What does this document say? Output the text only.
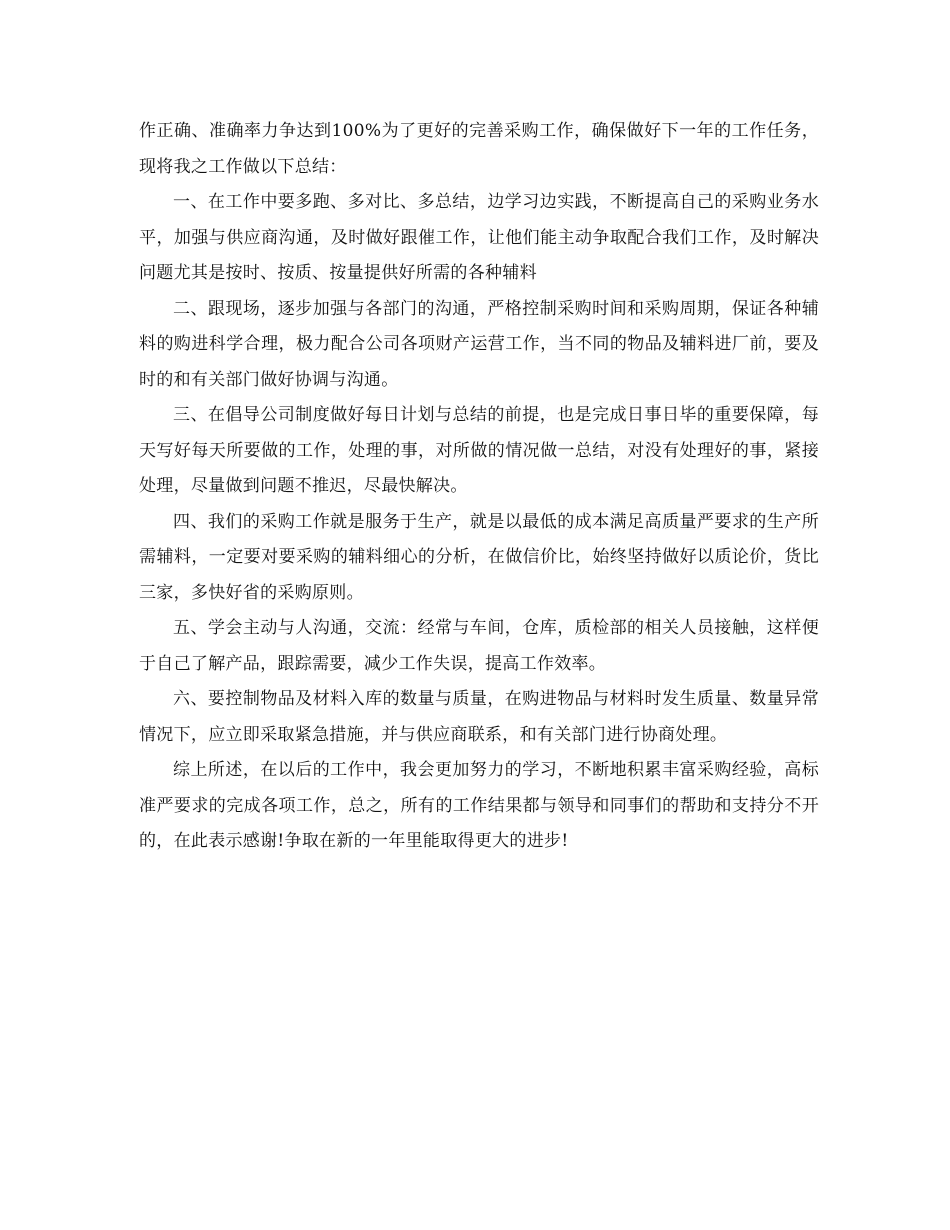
作正确、准确率力争达到100%为了更好的完善采购工作，确保做好下一年的工作任务，现将我之工作做以下总结：

一、在工作中要多跑、多对比、多总结，边学习边实践，不断提高自己的采购业务水平，加强与供应商沟通，及时做好跟催工作，让他们能主动争取配合我们工作，及时解决问题尤其是按时、按质、按量提供好所需的各种辅料

二、跟现场，逐步加强与各部门的沟通，严格控制采购时间和采购周期，保证各种辅料的购进科学合理，极力配合公司各项财产运营工作，当不同的物品及辅料进厂前，要及时的和有关部门做好协调与沟通。

三、在倡导公司制度做好每日计划与总结的前提，也是完成日事日毕的重要保障，每天写好每天所要做的工作，处理的事，对所做的情况做一总结，对没有处理好的事，紧接处理，尽量做到问题不推迟，尽最快解决。

四、我们的采购工作就是服务于生产，就是以最低的成本满足高质量严要求的生产所需辅料，一定要对要采购的辅料细心的分析，在做信价比，始终坚持做好以质论价，货比三家，多快好省的采购原则。

五、学会主动与人沟通，交流：经常与车间，仓库，质检部的相关人员接触，这样便于自己了解产品，跟踪需要，减少工作失误，提高工作效率。

六、要控制物品及材料入库的数量与质量，在购进物品与材料时发生质量、数量异常情况下，应立即采取紧急措施，并与供应商联系，和有关部门进行协商处理。

综上所述，在以后的工作中，我会更加努力的学习，不断地积累丰富采购经验，高标准严要求的完成各项工作，总之，所有的工作结果都与领导和同事们的帮助和支持分不开的，在此表示感谢!争取在新的一年里能取得更大的进步!
